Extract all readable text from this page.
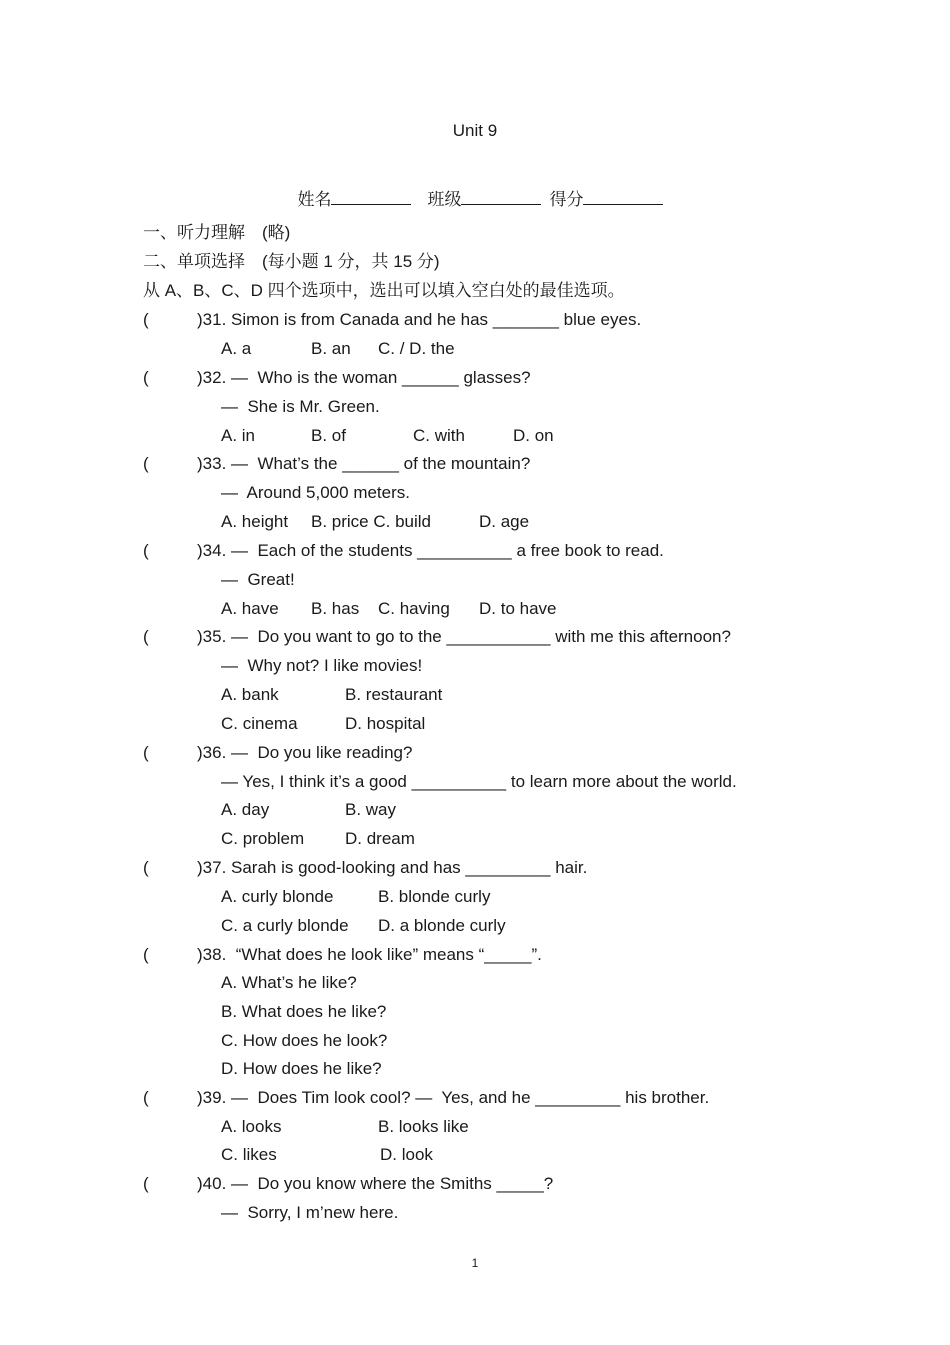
Unit 9

姓名	班级	得分

一、听力理解　(略)
二、单项选择　(每小题 1 分，共 15 分)
从 A、B、C、D 四个选项中，选出可以填入空白处的最佳选项。
(	)31. Simon is from Canada and he has _______ blue eyes.
A. a	B. an C. / D. the
(	)32. —  Who is the woman ______ glasses?
—  She is Mr. Green.
A. in	B. of	C. with	D. on
(	)33. —  What’s the ______ of the mountain?
—  Around 5,000 meters.
A. height B. price C. build	D. age
(	)34. —  Each of the students __________ a free book to read.
—  Great!
A. have B. has C. having D. to have
(	)35. —  Do you want to go to the ___________ with me this afternoon?
—  Why not? I like movies!
A. bank	B. restaurant
C. cinema	D. hospital
(	)36. —  Do you like reading?
— Yes, I think it’s a good __________ to learn more about the world.
A. day	B. way
C. problem D. dream
(	)37. Sarah is good-looking and has _________ hair.
A. curly blonde	B. blonde curly
C. a curly blonde D. a blonde curly
(	)38.  “What does he look like” means “_____”.
A. What’s he like?
B. What does he like?
C. How does he look?
D. How does he like?
(	)39. —  Does Tim look cool? —  Yes, and he _________ his brother.
A. looks	B. looks like
C. likes	D. look
(	)40. —  Do you know where the Smiths _____?
—  Sorry, I m’new here.
1
